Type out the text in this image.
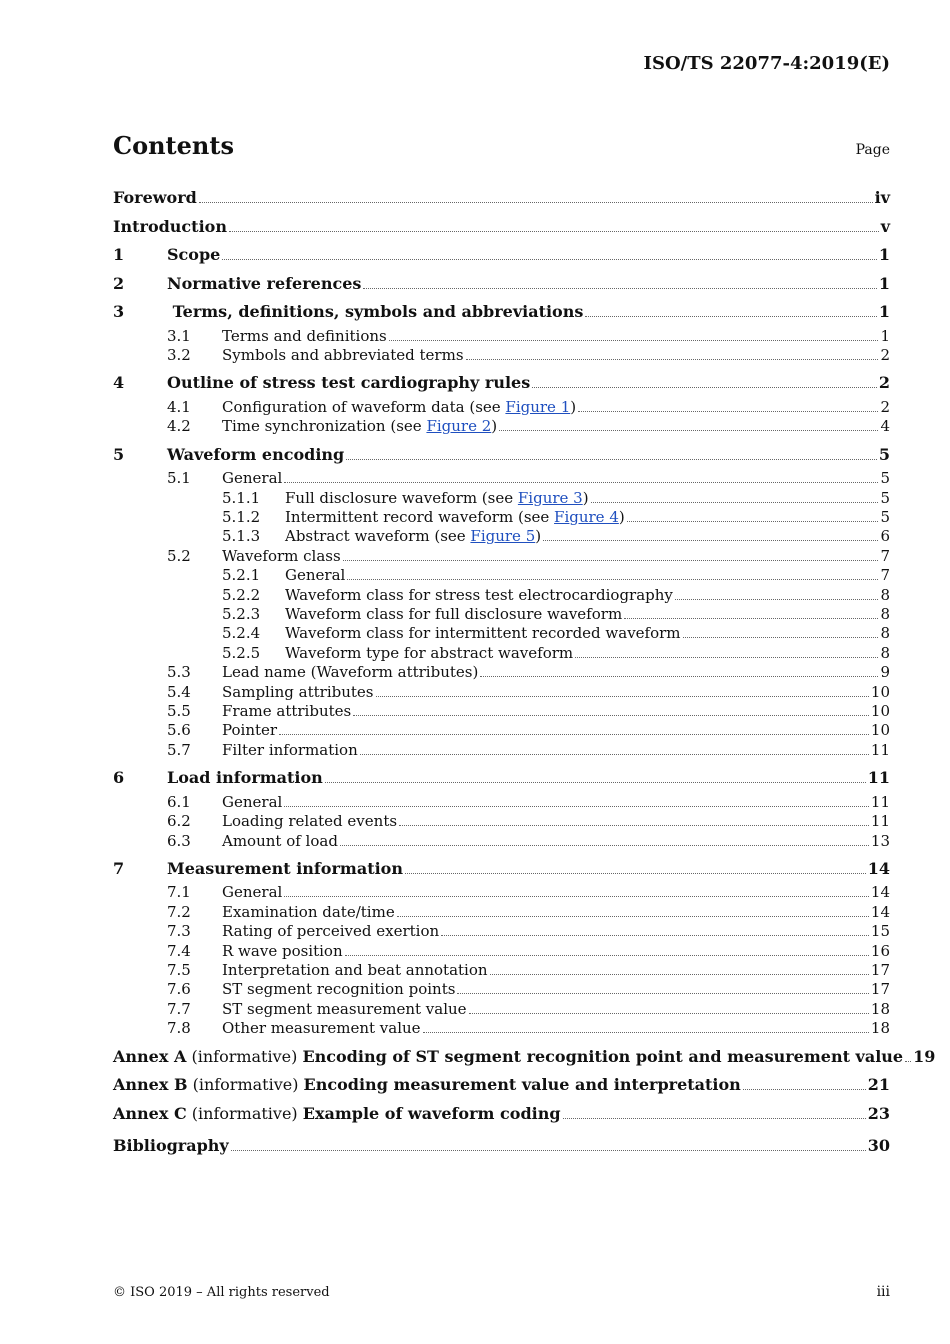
ISO/TS 22077-4:2019(E)
Contents	Page
Foreword	iv
Introduction	v
1	Scope	1
2	Normative references	1
3	Terms, definitions, symbols and abbreviations	1
3.1	Terms and definitions	1
3.2	Symbols and abbreviated terms	2
4	Outline of stress test cardiography rules	2
4.1	Configuration of waveform data (see Figure 1)	2
4.2	Time synchronization (see Figure 2)	4
5	Waveform encoding	5
5.1	General	5
5.1.1	Full disclosure waveform (see Figure 3)	5
5.1.2	Intermittent record waveform (see Figure 4)	5
5.1.3	Abstract waveform (see Figure 5)	6
5.2	Waveform class	7
5.2.1	General	7
5.2.2	Waveform class for stress test electrocardiography	8
5.2.3	Waveform class for full disclosure waveform	8
5.2.4	Waveform class for intermittent recorded waveform	8
5.2.5	Waveform type for abstract waveform	8
5.3	Lead name (Waveform attributes)	9
5.4	Sampling attributes	10
5.5	Frame attributes	10
5.6	Pointer	10
5.7	Filter information	11
6	Load information	11
6.1	General	11
6.2	Loading related events	11
6.3	Amount of load	13
7	Measurement information	14
7.1	General	14
7.2	Examination date/time	14
7.3	Rating of perceived exertion	15
7.4	R wave position	16
7.5	Interpretation and beat annotation	17
7.6	ST segment recognition points	17
7.7	ST segment measurement value	18
7.8	Other measurement value	18
Annex A (informative) Encoding of ST segment recognition point and measurement value 19
Annex B (informative) Encoding measurement value and interpretation	21
Annex C (informative) Example of waveform coding	23
Bibliography	30
© ISO 2019 – All rights reserved	iii
